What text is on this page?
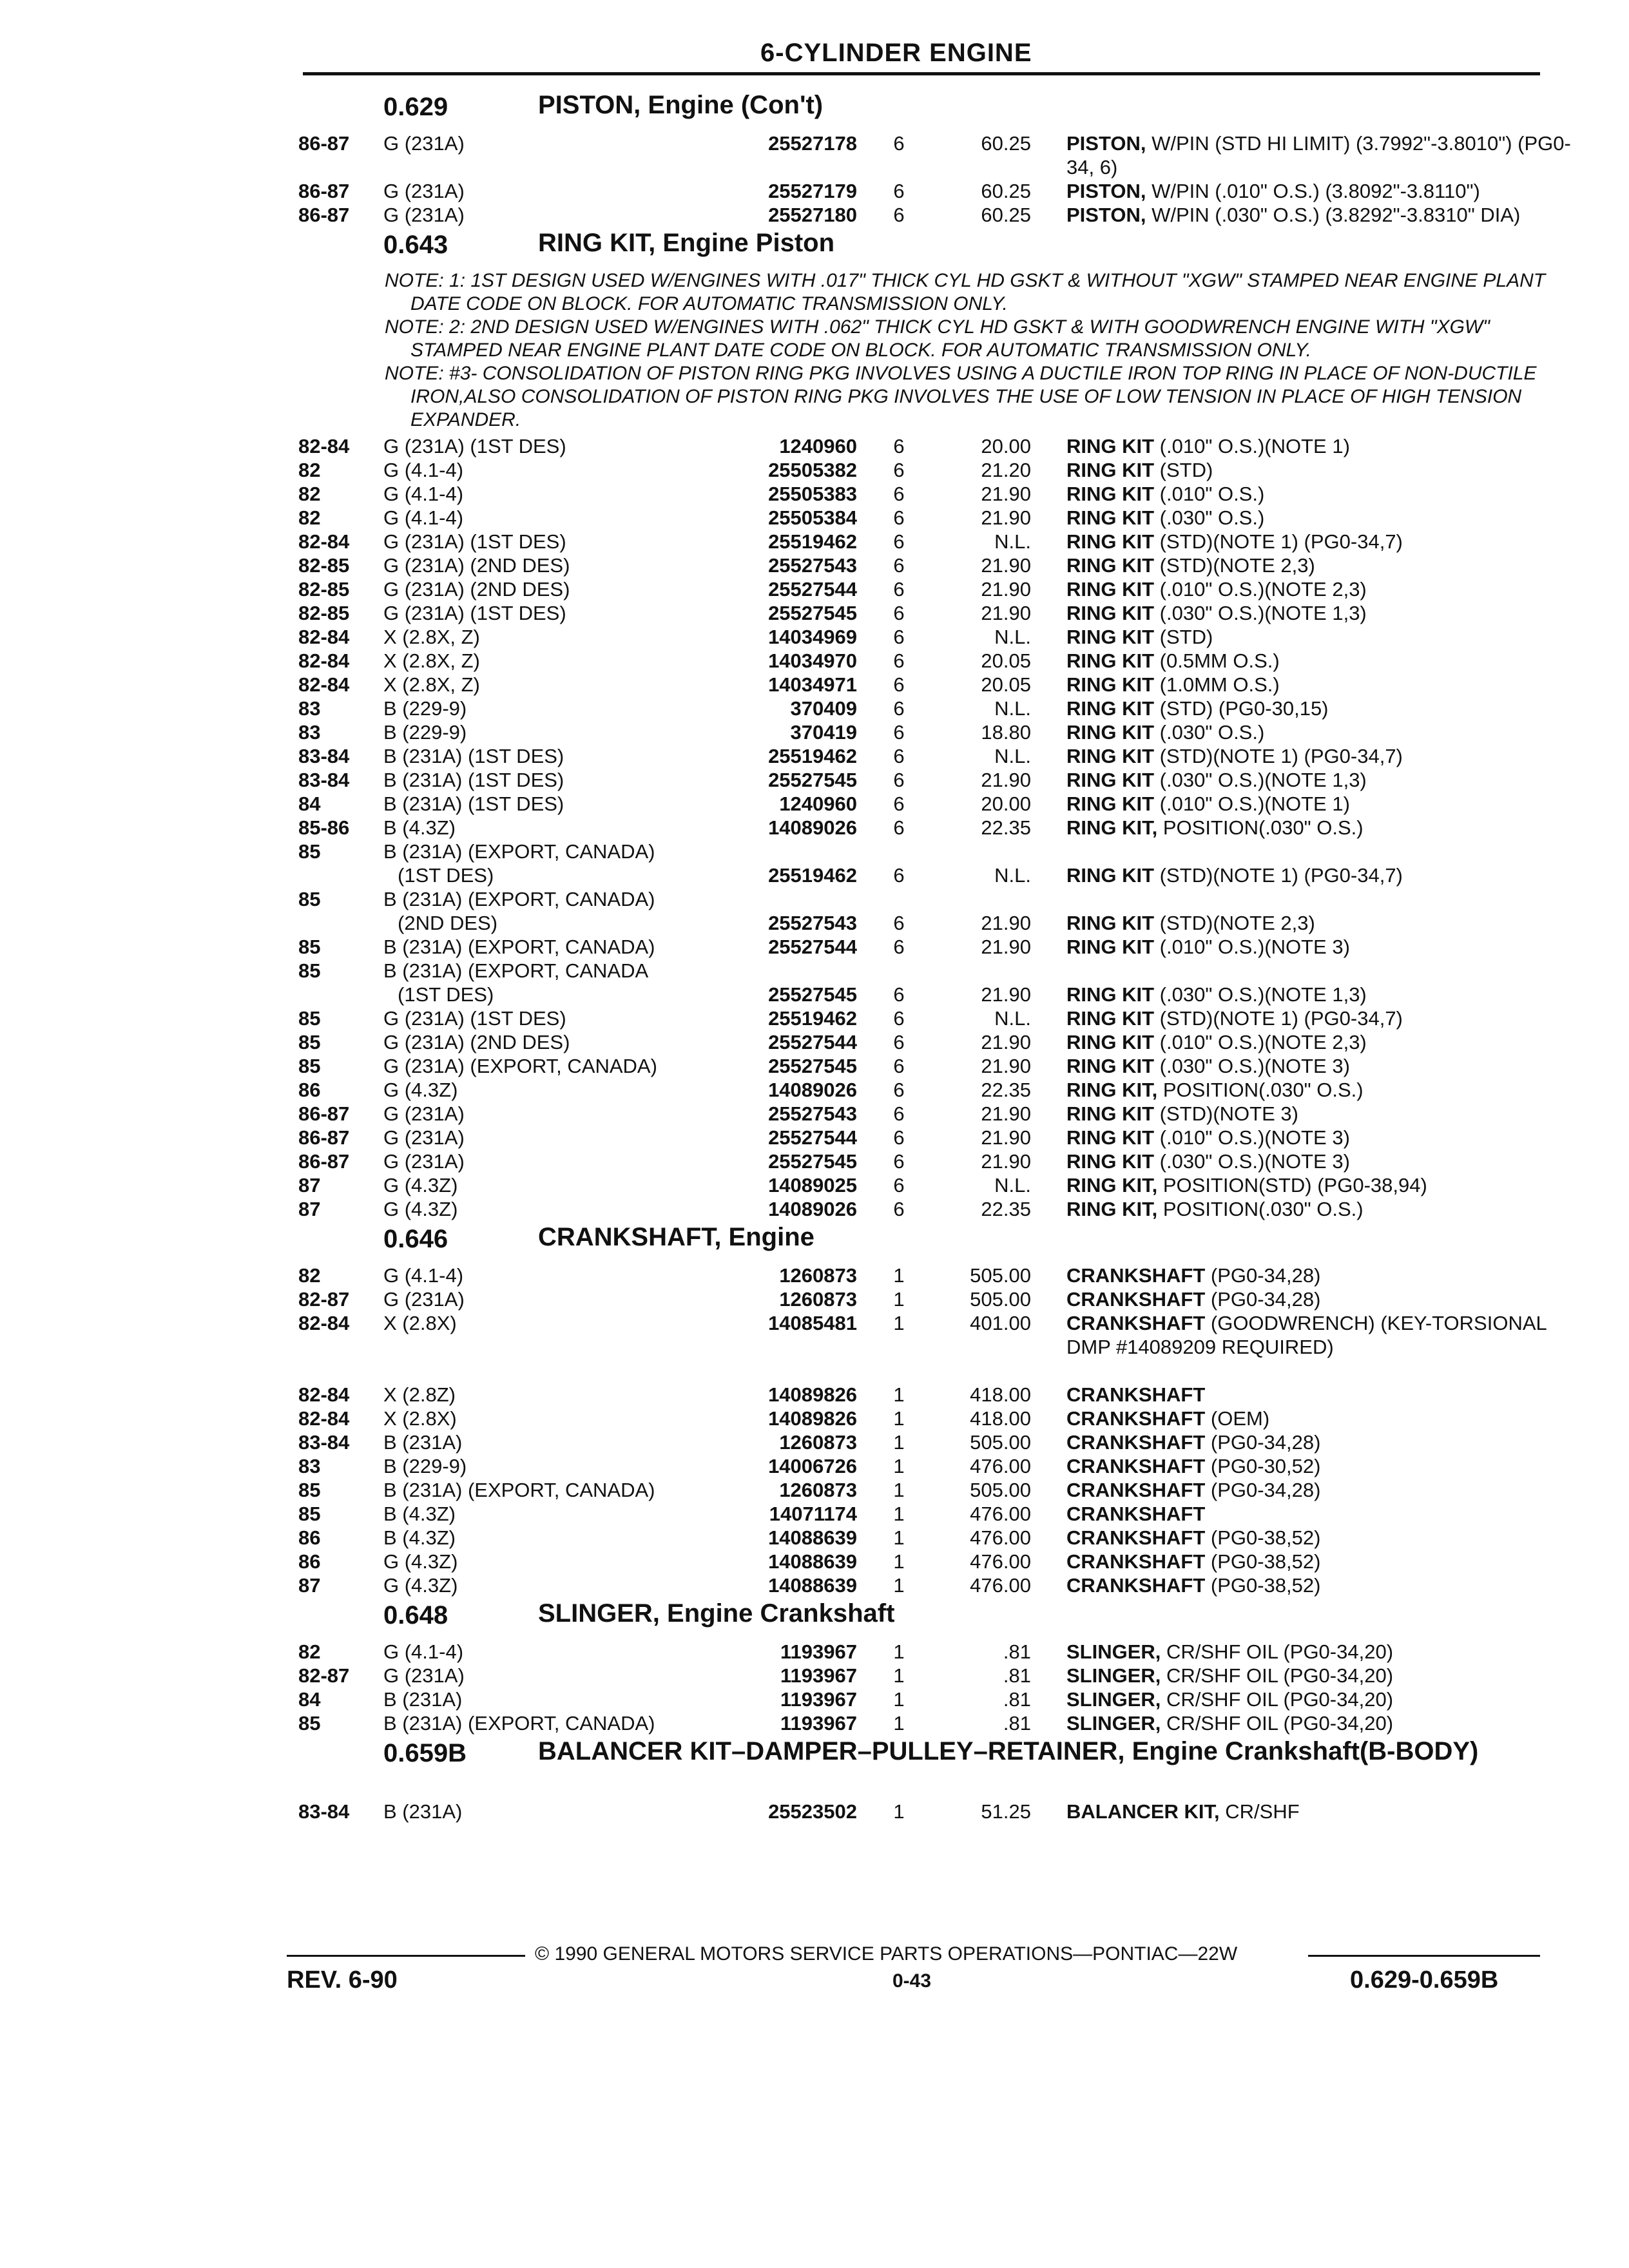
6-CYLINDER ENGINE
0.629	PISTON, Engine (Con't)
86-87 G (231A)	25527178	6	60.25 PISTON, W/PIN (STD HI LIMIT) (3.7992"-3.8010") (PG0-34, 6)
86-87 G (231A)	25527179	6	60.25 PISTON, W/PIN (.010" O.S.) (3.8092"-3.8110")
86-87 G (231A)	25527180	6	60.25 PISTON, W/PIN (.030" O.S.) (3.8292"-3.8310" DIA)
0.643	RING KIT, Engine Piston

NOTE: 1: 1ST DESIGN USED W/ENGINES WITH .017" THICK CYL HD GSKT & WITHOUT "XGW" STAMPED NEAR ENGINE PLANT DATE CODE ON BLOCK. FOR AUTOMATIC TRANSMISSION ONLY.

NOTE: 2: 2ND DESIGN USED W/ENGINES WITH .062" THICK CYL HD GSKT & WITH GOODWRENCH ENGINE WITH "XGW" STAMPED NEAR ENGINE PLANT DATE CODE ON BLOCK. FOR AUTOMATIC TRANSMISSION ONLY.

NOTE: #3- CONSOLIDATION OF PISTON RING PKG INVOLVES USING A DUCTILE IRON TOP RING IN PLACE OF NON-DUCTILE IRON,ALSO CONSOLIDATION OF PISTON RING PKG INVOLVES THE USE OF LOW TENSION IN PLACE OF HIGH TENSION EXPANDER.

82-84 G (231A) (1ST DES)	1240960	6	20.00 RING KIT (.010" O.S.)(NOTE 1)
82	G (4.1-4)	25505382	6	21.20 RING KIT (STD)
82	G (4.1-4)	25505383	6	21.90 RING KIT (.010" O.S.)
82	G (4.1-4)	25505384	6	21.90 RING KIT (.030" O.S.)
82-84 G (231A) (1ST DES)	25519462	6	N.L. RING KIT (STD)(NOTE 1) (PG0-34,7)
82-85 G (231A) (2ND DES)	25527543	6	21.90 RING KIT (STD)(NOTE 2,3)
82-85 G (231A) (2ND DES)	25527544	6	21.90 RING KIT (.010" O.S.)(NOTE 2,3)
82-85 G (231A) (1ST DES)	25527545	6	21.90 RING KIT (.030" O.S.)(NOTE 1,3)
82-84 X (2.8X, Z)	14034969	6	N.L. RING KIT (STD)
82-84 X (2.8X, Z)	14034970	6	20.05 RING KIT (0.5MM O.S.)
82-84 X (2.8X, Z)	14034971	6	20.05 RING KIT (1.0MM O.S.)
83	B (229-9)	370409	6	N.L. RING KIT (STD) (PG0-30,15)
83	B (229-9)	370419	6	18.80 RING KIT (.030" O.S.)
83-84 B (231A) (1ST DES)	25519462	6	N.L. RING KIT (STD)(NOTE 1) (PG0-34,7)
83-84 B (231A) (1ST DES)	25527545	6	21.90 RING KIT (.030" O.S.)(NOTE 1,3)
84	B (231A) (1ST DES)	1240960	6	20.00 RING KIT (.010" O.S.)(NOTE 1)
85-86 B (4.3Z)	14089026	6	22.35 RING KIT, POSITION(.030" O.S.)
85	B (231A) (EXPORT, CANADA)
(1ST DES)	25519462	6	N.L. RING KIT (STD)(NOTE 1) (PG0-34,7)
85	B (231A) (EXPORT, CANADA)
(2ND DES)	25527543	6	21.90 RING KIT (STD)(NOTE 2,3)
85	B (231A) (EXPORT, CANADA)	25527544	6	21.90 RING KIT (.010" O.S.)(NOTE 3)
85	B (231A) (EXPORT, CANADA
(1ST DES)	25527545	6	21.90 RING KIT (.030" O.S.)(NOTE 1,3)
85	G (231A) (1ST DES)	25519462	6	N.L. RING KIT (STD)(NOTE 1) (PG0-34,7)
85	G (231A) (2ND DES)	25527544	6	21.90 RING KIT (.010" O.S.)(NOTE 2,3)
85	G (231A) (EXPORT, CANADA)	25527545	6	21.90 RING KIT (.030" O.S.)(NOTE 3)
86	G (4.3Z)	14089026	6	22.35 RING KIT, POSITION(.030" O.S.)
86-87 G (231A)	25527543	6	21.90 RING KIT (STD)(NOTE 3)
86-87 G (231A)	25527544	6	21.90 RING KIT (.010" O.S.)(NOTE 3)
86-87 G (231A)	25527545	6	21.90 RING KIT (.030" O.S.)(NOTE 3)
87	G (4.3Z)	14089025	6	N.L. RING KIT, POSITION(STD) (PG0-38,94)
87	G (4.3Z)	14089026	6	22.35 RING KIT, POSITION(.030" O.S.)
0.646	CRANKSHAFT, Engine
82	G (4.1-4)	1260873	1	505.00 CRANKSHAFT (PG0-34,28)
82-87 G (231A)	1260873	1	505.00 CRANKSHAFT (PG0-34,28)
82-84 X (2.8X)	14085481	1	401.00 CRANKSHAFT (GOODWRENCH) (KEY-TORSIONAL DMP #14089209 REQUIRED)
82-84 X (2.8Z)	14089826	1	418.00 CRANKSHAFT
82-84 X (2.8X)	14089826	1	418.00 CRANKSHAFT (OEM)
83-84 B (231A)	1260873	1	505.00 CRANKSHAFT (PG0-34,28)
83	B (229-9)	14006726	1	476.00 CRANKSHAFT (PG0-30,52)
85	B (231A) (EXPORT, CANADA)	1260873	1	505.00 CRANKSHAFT (PG0-34,28)
85	B (4.3Z)	14071174	1	476.00 CRANKSHAFT
86	B (4.3Z)	14088639	1	476.00 CRANKSHAFT (PG0-38,52)
86	G (4.3Z)	14088639	1	476.00 CRANKSHAFT (PG0-38,52)
87	G (4.3Z)	14088639	1	476.00 CRANKSHAFT (PG0-38,52)
0.648	SLINGER, Engine Crankshaft
82	G (4.1-4)	1193967	1	.81 SLINGER, CR/SHF OIL (PG0-34,20)
82-87 G (231A)	1193967	1	.81 SLINGER, CR/SHF OIL (PG0-34,20)
84	B (231A)	1193967	1	.81 SLINGER, CR/SHF OIL (PG0-34,20)
85	B (231A) (EXPORT, CANADA)	1193967	1	.81 SLINGER, CR/SHF OIL (PG0-34,20)
0.659B	BALANCER KIT–DAMPER–PULLEY–RETAINER, Engine Crankshaft(B-BODY)
83-84 B (231A)	25523502	1	51.25 BALANCER KIT, CR/SHF
© 1990 GENERAL MOTORS SERVICE PARTS OPERATIONS—PONTIAC—22W
REV. 6-90	0-43	0.629-0.659B
